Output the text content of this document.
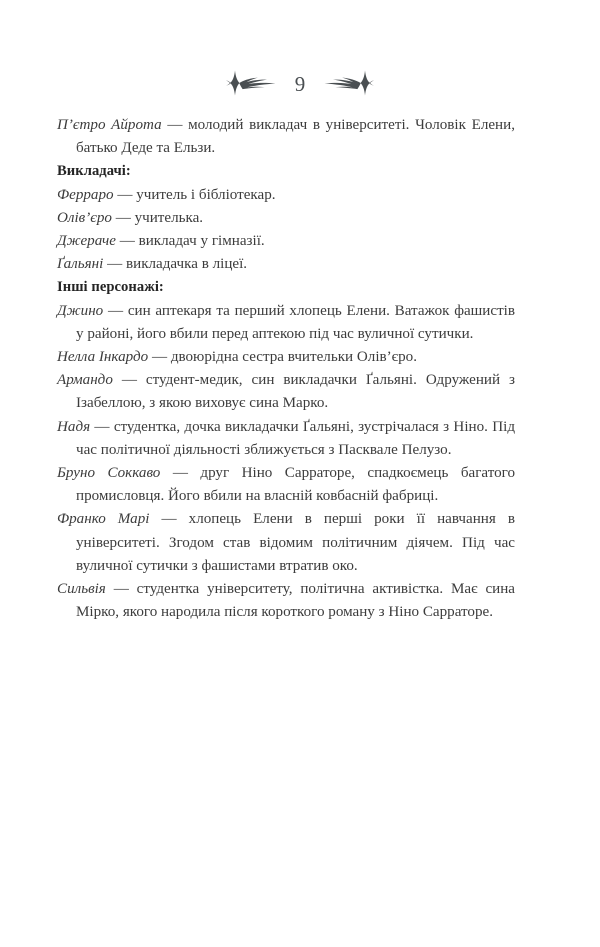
9

П’єтро Айрота — молодий викладач в університеті. Чоловік Елени, батько Деде та Ельзи.

Викладачі:

Ферраро — учитель і бібліотекар.

Олів’єро — учителька.

Джераче — викладач у гімназії.

Ґальяні — викладачка в ліцеї.

Інші персонажі:

Джино — син аптекаря та перший хлопець Елени. Ватажок фашистів у районі, його вбили перед аптекою під час вуличної сутички.

Нелла Інкардо — двоюрідна сестра вчительки Олів’єро.

Армандо — студент-медик, син викладачки Ґальяні. Одружений з Ізабеллою, з якою виховує сина Марко.

Надя — студентка, дочка викладачки Ґальяні, зустрічалася з Ніно. Під час політичної діяльності зближується з Пасквале Пелузо.

Бруно Соккаво — друг Ніно Сарраторе, спадкоємець багатого промисловця. Його вбили на власній ковбасній фабриці.

Франко Марі — хлопець Елени в перші роки її навчання в університеті. Згодом став відомим політичним діячем. Під час вуличної сутички з фашистами втратив око.

Сильвія — студентка університету, політична активістка. Має сина Мірко, якого народила після короткого роману з Ніно Сарраторе.
